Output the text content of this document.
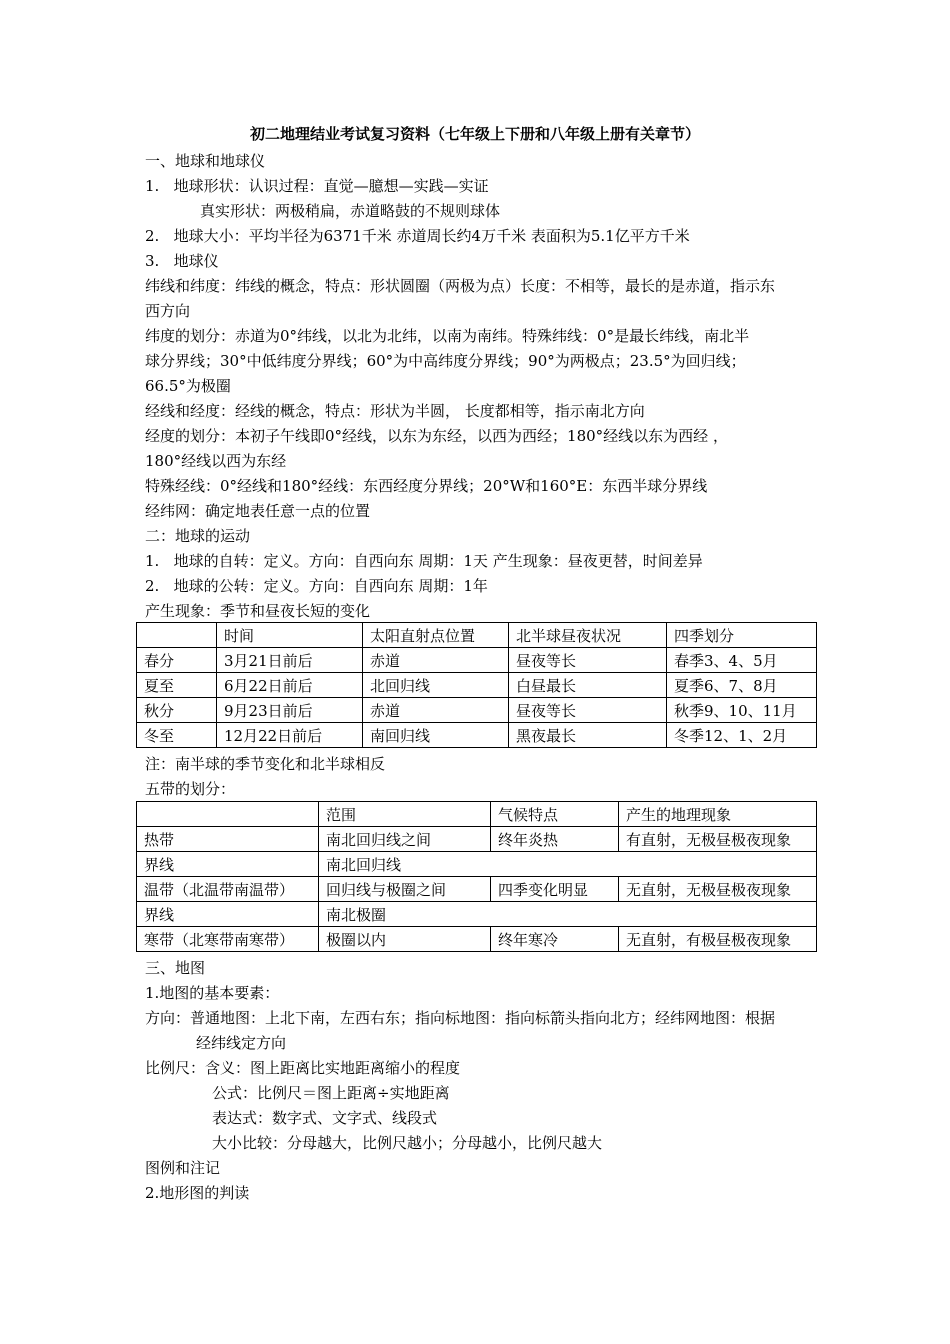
初二地理结业考试复习资料（七年级上下册和八年级上册有关章节）
一、地球和地球仪
1.   地球形状：认识过程：直觉—臆想—实践—实证
真实形状：两极稍扁，赤道略鼓的不规则球体
2.   地球大小：平均半径为6371千米 赤道周长约4万千米 表面积为5.1亿平方千米
3.   地球仪
纬线和纬度：纬线的概念，特点：形状圆圈（两极为点）长度：不相等，最长的是赤道，指示东
西方向
纬度的划分：赤道为0°纬线，以北为北纬，以南为南纬。特殊纬线：0°是最长纬线，南北半
球分界线；30°中低纬度分界线；60°为中高纬度分界线；90°为两极点；23.5°为回归线；
66.5°为极圈
经线和经度：经线的概念，特点：形状为半圆， 长度都相等，指示南北方向
经度的划分：本初子午线即0°经线，以东为东经，以西为西经；180°经线以东为西经 ，
180°经线以西为东经
特殊经线：0°经线和180°经线：东西经度分界线；20°W和160°E：东西半球分界线
经纬网：确定地表任意一点的位置
二：地球的运动
1.   地球的自转：定义。方向：自西向东 周期：1天 产生现象：昼夜更替，时间差异
2.   地球的公转：定义。方向：自西向东 周期：1年
产生现象：季节和昼夜长短的变化
	时间	太阳直射点位置	北半球昼夜状况	四季划分
春分	3月21日前后	赤道	昼夜等长	春季3、4、5月
夏至	6月22日前后	北回归线	白昼最长	夏季6、7、8月
秋分	9月23日前后	赤道	昼夜等长	秋季9、10、11月
冬至	12月22日前后	南回归线	黑夜最长	冬季12、1、2月
注：南半球的季节变化和北半球相反
五带的划分：
	范围	气候特点	产生的地理现象
热带	南北回归线之间	终年炎热	有直射，无极昼极夜现象
界线	南北回归线		
温带（北温带南温带）	回归线与极圈之间	四季变化明显	无直射，无极昼极夜现象
界线	南北极圈		
寒带（北寒带南寒带）	极圈以内	终年寒冷	无直射，有极昼极夜现象
三、地图
1.地图的基本要素：
方向：普通地图：上北下南，左西右东；指向标地图：指向标箭头指向北方；经纬网地图：根据
经纬线定方向
比例尺：含义：图上距离比实地距离缩小的程度
公式：比例尺＝图上距离÷实地距离
表达式：数字式、文字式、线段式
大小比较：分母越大，比例尺越小；分母越小，比例尺越大
图例和注记
2.地形图的判读
